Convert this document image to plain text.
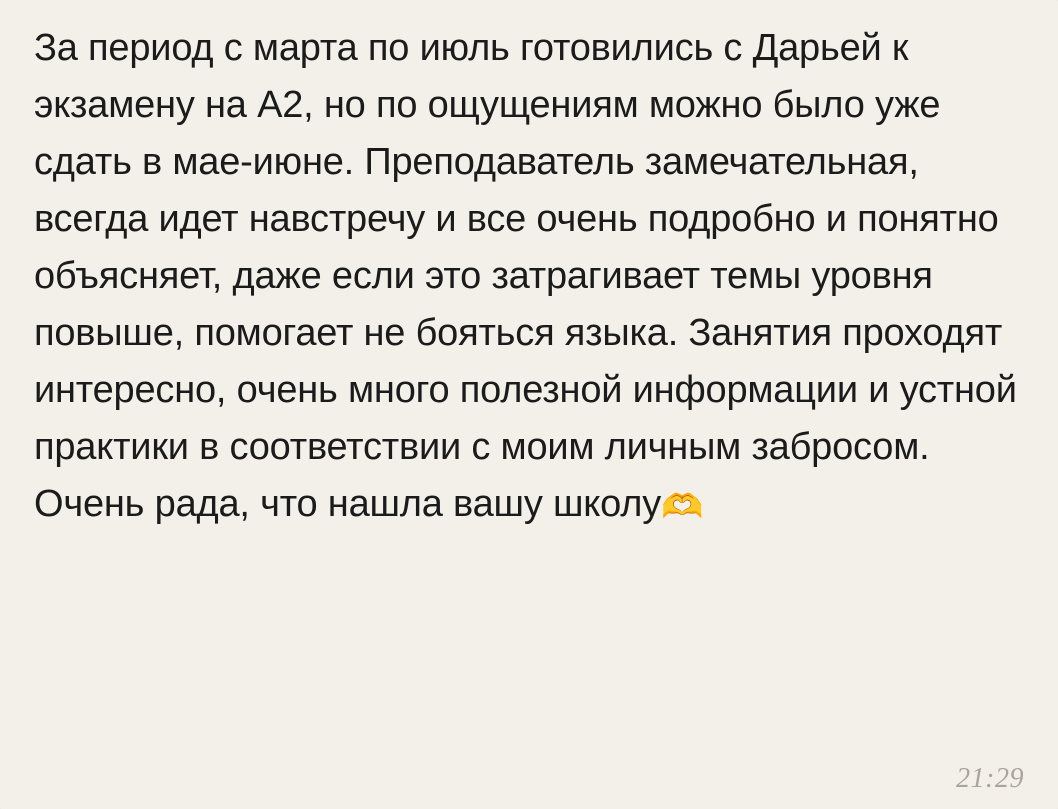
За период с марта по июль готовились с Дарьей к экзамену на A2, но по ощущениям можно было уже сдать в мае-июне. Преподаватель замечательная, всегда идет навстречу и все очень подробно и понятно объясняет, даже если это затрагивает темы уровня повыше, помогает не бояться языка. Занятия проходят интересно, очень много полезной информации и устной практики в соответствии с моим личным забросом. Очень рада, что нашла вашу школу🫶
21:29
